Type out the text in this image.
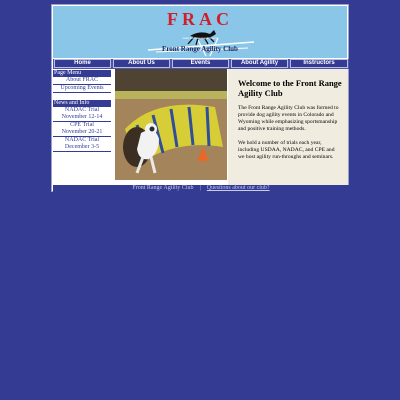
FRAC
www.frontrangeagility.com
Front Range Agility Club
Home	About Us	Events	About Agility	Instructors
Page Menu
About FRAC
Upcoming Events
News and Info
NADAC Trial
November 12-14
CPE Trial
November 20-21
NADAC Trial
December 3-5
Welcome to the Front Range Agility Club
The Front Range Agility Club was formed to provide dog agility events in Colorado and Wyoming while emphasizing sportsmanship and positive training methods.
We hold a number of trials each year, including USDAA, NADAC, and CPE and we host agility run-throughs and seminars.
Front Range Agility Club | Questions about our club?
